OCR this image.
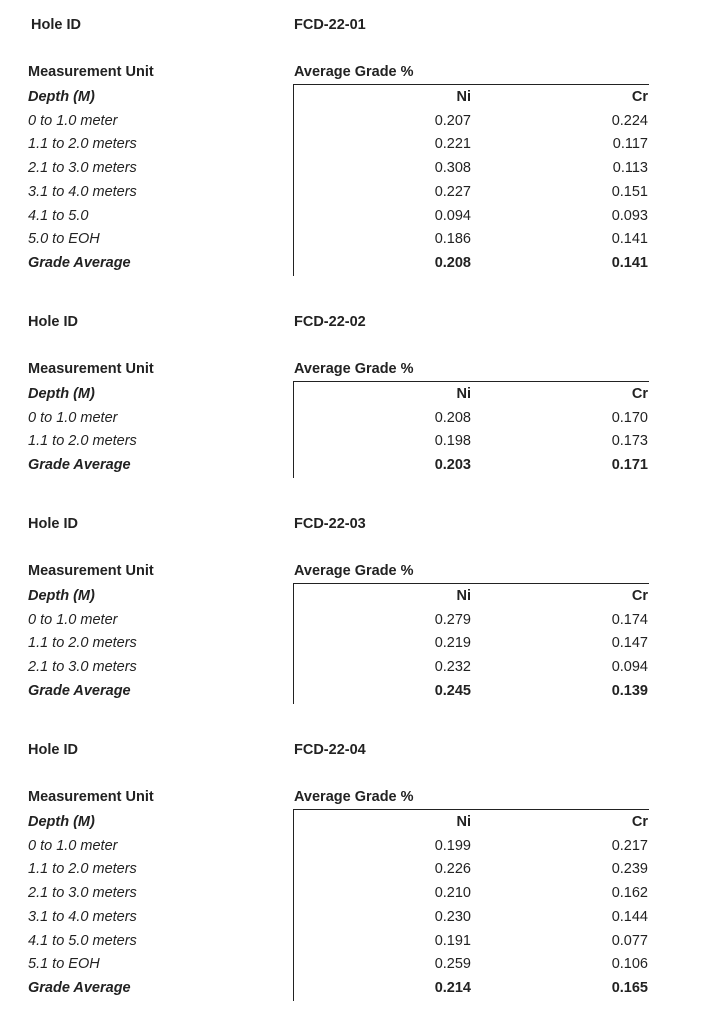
Hole ID	FCD-22-01
Measurement Unit	Average Grade %
Depth (M)	Ni	Cr
0 to 1.0 meter	0.207	0.224
1.1 to 2.0 meters	0.221	0.117
2.1 to 3.0 meters	0.308	0.113
3.1 to 4.0 meters	0.227	0.151
4.1 to 5.0	0.094	0.093
5.0 to EOH	0.186	0.141
Grade Average	0.208	0.141
Hole ID	FCD-22-02
Measurement Unit	Average Grade %
Depth (M)	Ni	Cr
0 to 1.0 meter	0.208	0.170
1.1 to 2.0 meters	0.198	0.173
Grade Average	0.203	0.171
Hole ID	FCD-22-03
Measurement Unit	Average Grade %
Depth (M)	Ni	Cr
0 to 1.0 meter	0.279	0.174
1.1 to 2.0 meters	0.219	0.147
2.1 to 3.0 meters	0.232	0.094
Grade Average	0.245	0.139
Hole ID	FCD-22-04
Measurement Unit	Average Grade %
Depth (M)	Ni	Cr
0 to 1.0 meter	0.199	0.217
1.1 to 2.0 meters	0.226	0.239
2.1 to 3.0 meters	0.210	0.162
3.1 to 4.0 meters	0.230	0.144
4.1 to 5.0 meters	0.191	0.077
5.1 to EOH	0.259	0.106
Grade Average	0.214	0.165
